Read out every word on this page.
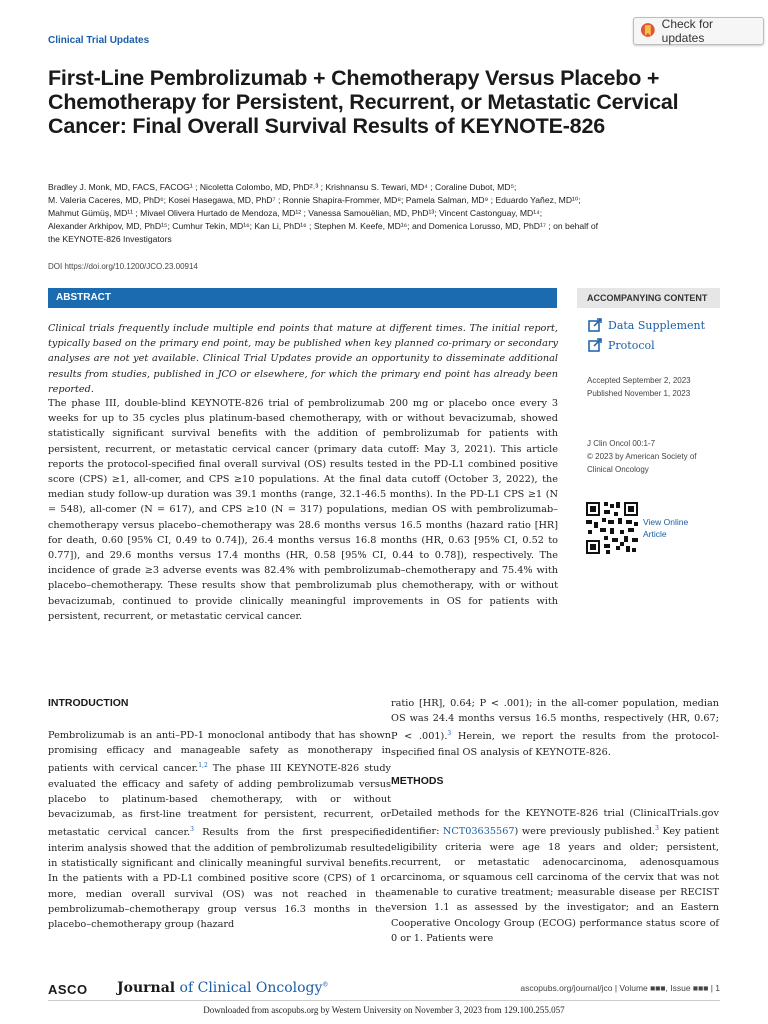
Clinical Trial Updates
Check for updates
First-Line Pembrolizumab + Chemotherapy Versus Placebo + Chemotherapy for Persistent, Recurrent, or Metastatic Cervical Cancer: Final Overall Survival Results of KEYNOTE-826
Bradley J. Monk, MD, FACS, FACOG¹ ; Nicoletta Colombo, MD, PhD²˒³ ; Krishnansu S. Tewari, MD⁴ ; Coraline Dubot, MD⁵;
M. Valeria Caceres, MD, PhD⁶; Kosei Hasegawa, MD, PhD⁷ ; Ronnie Shapira-Frommer, MD⁸; Pamela Salman, MD⁹ ; Eduardo Yañez, MD¹⁰;
Mahmut Gümüş, MD¹¹ ; Mivael Olivera Hurtado de Mendoza, MD¹² ; Vanessa Samouëlian, MD, PhD¹³; Vincent Castonguay, MD¹⁴;
Alexander Arkhipov, MD, PhD¹⁵; Cumhur Tekin, MD¹⁶; Kan Li, PhD¹⁶ ; Stephen M. Keefe, MD¹⁶; and Domenica Lorusso, MD, PhD¹⁷ ; on behalf of
the KEYNOTE-826 Investigators
DOI https://doi.org/10.1200/JCO.23.00914
ABSTRACT	ACCOMPANYING CONTENT
Clinical trials frequently include multiple end points that mature at different times. The initial report, typically based on the primary end point, may be published when key planned co-primary or secondary analyses are not yet available. Clinical Trial Updates provide an opportunity to disseminate additional results from studies, published in JCO or elsewhere, for which the primary end point has already been reported.
The phase III, double-blind KEYNOTE-826 trial of pembrolizumab 200 mg or placebo once every 3 weeks for up to 35 cycles plus platinum-based chemotherapy, with or without bevacizumab, showed statistically significant survival benefits with the addition of pembrolizumab for patients with persistent, recurrent, or metastatic cervical cancer (primary data cutoff: May 3, 2021). This article reports the protocol-specified final overall survival (OS) results tested in the PD-L1 combined positive score (CPS) ≥1, all-comer, and CPS ≥10 populations. At the final data cutoff (October 3, 2022), the median study follow-up duration was 39.1 months (range, 32.1-46.5 months). In the PD-L1 CPS ≥1 (N = 548), all-comer (N = 617), and CPS ≥10 (N = 317) populations, median OS with pembrolizumab–chemotherapy versus placebo–chemotherapy was 28.6 months versus 16.5 months (hazard ratio [HR] for death, 0.60 [95% CI, 0.49 to 0.74]), 26.4 months versus 16.8 months (HR, 0.63 [95% CI, 0.52 to 0.77]), and 29.6 months versus 17.4 months (HR, 0.58 [95% CI, 0.44 to 0.78]), respectively. The incidence of grade ≥3 adverse events was 82.4% with pembrolizumab–chemotherapy and 75.4% with placebo–chemotherapy. These results show that pembrolizumab plus chemotherapy, with or without bevacizumab, continued to provide clinically meaningful improvements in OS for patients with persistent, recurrent, or metastatic cervical cancer.
Data Supplement
Protocol
Accepted September 2, 2023
Published November 1, 2023
J Clin Oncol 00:1-7
© 2023 by American Society of
Clinical Oncology
View Online
Article
INTRODUCTION
Pembrolizumab is an anti–PD-1 monoclonal antibody that has shown promising efficacy and manageable safety as monotherapy in patients with cervical cancer.$^{1,2}$ The phase III KEYNOTE-826 study evaluated the efficacy and safety of adding pembrolizumab versus placebo to platinum-based chemotherapy, with or without bevacizumab, as first-line treatment for persistent, recurrent, or metastatic cervical cancer.$^3$ Results from the first prespecified interim analysis showed that the addition of pembrolizumab resulted in statistically significant and clinically meaningful survival benefits. In the patients with a PD-L1 combined positive score (CPS) of 1 or more, median overall survival (OS) was not reached in the pembrolizumab–chemotherapy group versus 16.3 months in the placebo–chemotherapy group (hazard
ratio [HR], 0.64; P < .001); in the all-comer population, median OS was 24.4 months versus 16.5 months, respectively (HR, 0.67; P < .001).$^3$ Herein, we report the results from the protocol-specified final OS analysis of KEYNOTE-826.
METHODS
Detailed methods for the KEYNOTE-826 trial (ClinicalTrials.gov identifier: NCT03635567) were previously published.$^3$ Key patient eligibility criteria were age 18 years and older; persistent, recurrent, or metastatic adenocarcinoma, adenosquamous carcinoma, or squamous cell carcinoma of the cervix that was not amenable to curative treatment; measurable disease per RECIST version 1.1 as assessed by the investigator; and an Eastern Cooperative Oncology Group (ECOG) performance status score of 0 or 1. Patients were
ASCO Journal of Clinical Oncology®	ascopubs.org/journal/jco | Volume ■■■, Issue ■■■ | 1
Downloaded from ascopubs.org by Western University on November 3, 2023 from 129.100.255.057
